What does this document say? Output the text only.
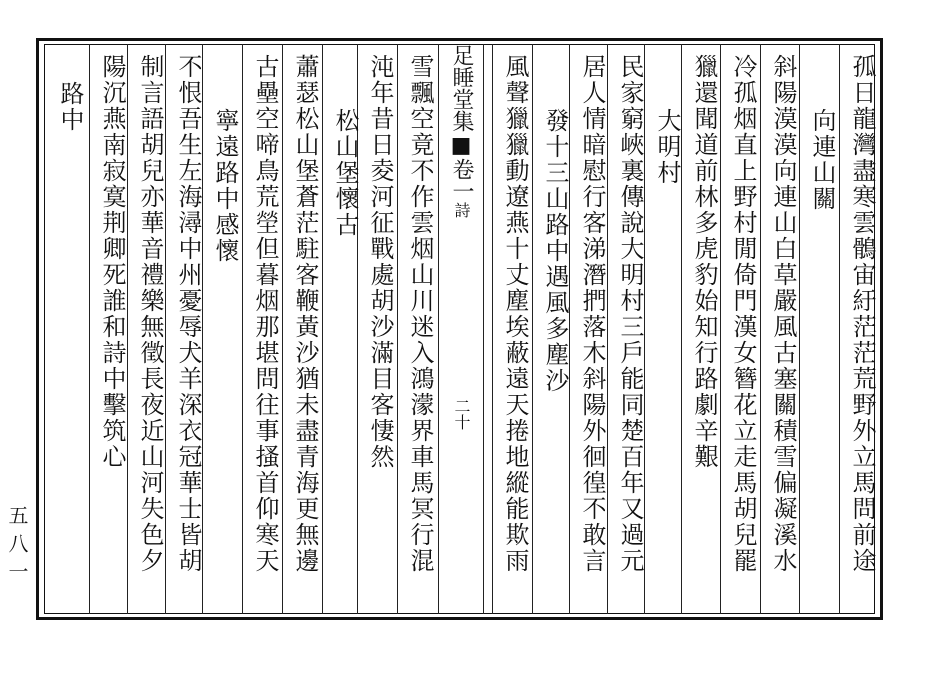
足睡堂集■卷一詩二十
五八一	孤日龍灣盡寒雲鶻宙紆茫茫荒野外立馬問前途
向連山關
斜陽漠漠向連山白草嚴風古塞關積雪偏凝溪水
冷孤烟直上野村閒倚門漢女簪花立走馬胡兒罷
獵還聞道前林多虎豹始知行路劇辛艱
大明村
民家窮峽裏傳說大明村三戶能同楚百年又過元
居人情暗慰行客涕潛捫落木斜陽外徊徨不敢言
發十三山路中遇風多塵沙
風聲獵獵動遼燕十丈塵埃蔽遠天捲地縱能欺雨
雪飄空竟不作雲烟山川迷入鴻濛界車馬冥行混
沌年昔日夌河征戰處胡沙滿目客悽然
松山堡懷古
蕭瑟松山堡蒼茫駐客鞭黃沙猶未盡青海更無邊
古壘空啼鳥荒塋但暮烟那堪問往事搔首仰寒天
寧遠路中感懷
不恨吾生左海潯中州憂辱犬羊深衣冠華士皆胡
制言語胡兒亦華音禮樂無徵長夜近山河失色夕
陽沉燕南寂寞荆卿死誰和詩中擊筑心
路中
